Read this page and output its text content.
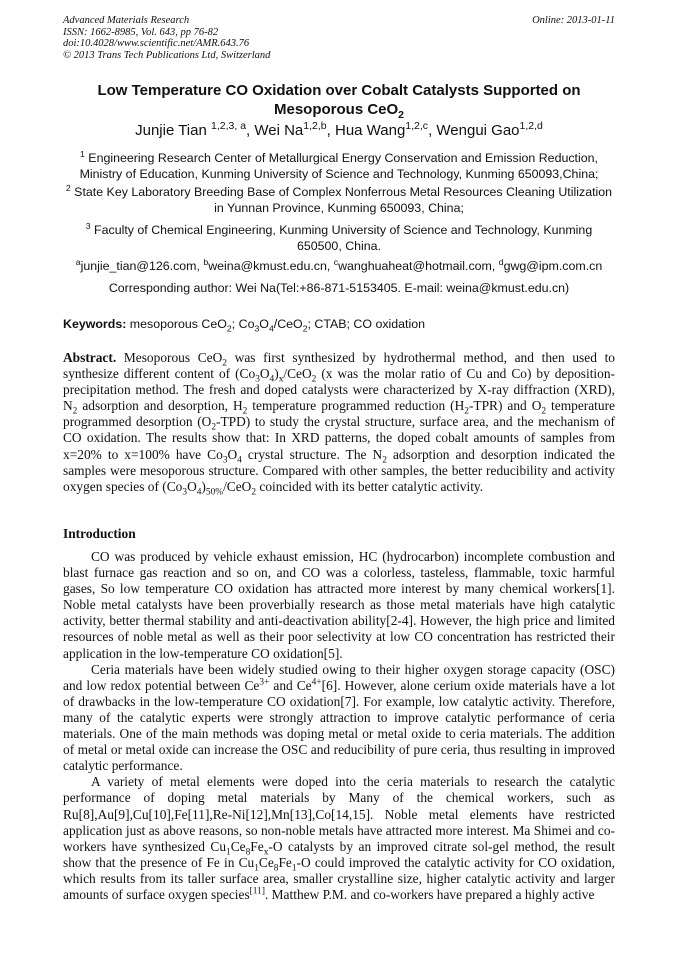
Advanced Materials Research
ISSN: 1662-8985, Vol. 643, pp 76-82
doi:10.4028/www.scientific.net/AMR.643.76
© 2013 Trans Tech Publications Ltd, Switzerland
Online: 2013-01-11
Low Temperature CO Oxidation over Cobalt Catalysts Supported on
Mesoporous CeO$_2$
Junjie Tian $^{1,2,3, a}$, Wei Na$^{1,2,b}$, Hua Wang$^{1,2,c}$, Wengui Gao$^{1,2,d}$
$^1$ Engineering Research Center of Metallurgical Energy Conservation and Emission Reduction,
Ministry of Education, Kunming University of Science and Technology, Kunming 650093,China;
$^2$ State Key Laboratory Breeding Base of Complex Nonferrous Metal Resources Cleaning Utilization
in Yunnan Province, Kunming 650093, China;
$^3$ Faculty of Chemical Engineering, Kunming University of Science and Technology, Kunming
650500, China.
$^a$junjie_tian@126.com, $^b$weina@kmust.edu.cn, $^c$wanghuaheat@hotmail.com, $^d$gwg@ipm.com.cn
Corresponding author: Wei Na(Tel:+86-871-5153405. E-mail: weina@kmust.edu.cn)
Keywords: mesoporous CeO$_2$; $Co_3O_4/CeO_2$; CTAB; CO oxidation
Abstract. Mesoporous CeO$_2$ was first synthesized by hydrothermal method, and then used to synthesize different content of $(Co_3O_4)_x/CeO_2$ (x was the molar ratio of Cu and Co) by deposition-precipitation method. The fresh and doped catalysts were characterized by X-ray diffraction (XRD), $N_2$ adsorption and desorption, $H_2$ temperature programmed reduction $(H_2-TPR)$ and $O_2$ temperature programmed desorption $(O_2-TPD)$ to study the crystal structure, surface area, and the mechanism of CO oxidation. The results show that: In XRD patterns, the doped cobalt amounts of samples from x=20% to x=100% have $Co_3O_4$ crystal structure. The $N_2$ adsorption and desorption indicated the samples were mesoporous structure. Compared with other samples, the better reducibility and activity oxygen species of $(Co_3O_4)_{50\%}/CeO_2$ coincided with its better catalytic activity.
Introduction

CO was produced by vehicle exhaust emission, HC (hydrocarbon) incomplete combustion and blast furnace gas reaction and so on, and CO was a colorless, tasteless, flammable, toxic harmful gases, So low temperature CO oxidation has attracted more interest by many chemical workers[1]. Noble metal catalysts have been proverbially research as those metal materials have high catalytic activity, better thermal stability and anti-deactivation ability[2-4]. However, the high price and limited resources of noble metal as well as their poor selectivity at low CO concentration has restricted their application in the low-temperature CO oxidation[5].

Ceria materials have been widely studied owing to their higher oxygen storage capacity (OSC) and low redox potential between $Ce^{3+}$ and $Ce^{4+}[6]$. However, alone cerium oxide materials have a lot of drawbacks in the low-temperature CO oxidation[7]. For example, low catalytic activity. Therefore, many of the catalytic experts were strongly attraction to improve catalytic performance of ceria materials. One of the main methods was doping metal or metal oxide to ceria materials. The addition of metal or metal oxide can increase the OSC and reducibility of pure ceria, thus resulting in improved catalytic performance.

A variety of metal elements were doped into the ceria materials to research the catalytic performance of doping metal materials by Many of the chemical workers, such as Ru[8],Au[9],Cu[10],Fe[11],Re-Ni[12],Mn[13],Co[14,15]. Noble metal elements have restricted application just as above reasons, so non-noble metals have attracted more interest. Ma Shimei and co-workers have synthesized $Cu_1Ce_8Fe_x-O$ catalysts by an improved citrate sol-gel method, the result show that the presence of Fe in $Cu_1Ce_8Fe_1-O$ could improved the catalytic activity for CO oxidation, which results from its taller surface area, smaller crystalline size, higher catalytic activity and larger amounts of surface oxygen species[11]. Matthew P.M. and co-workers have prepared a highly active
